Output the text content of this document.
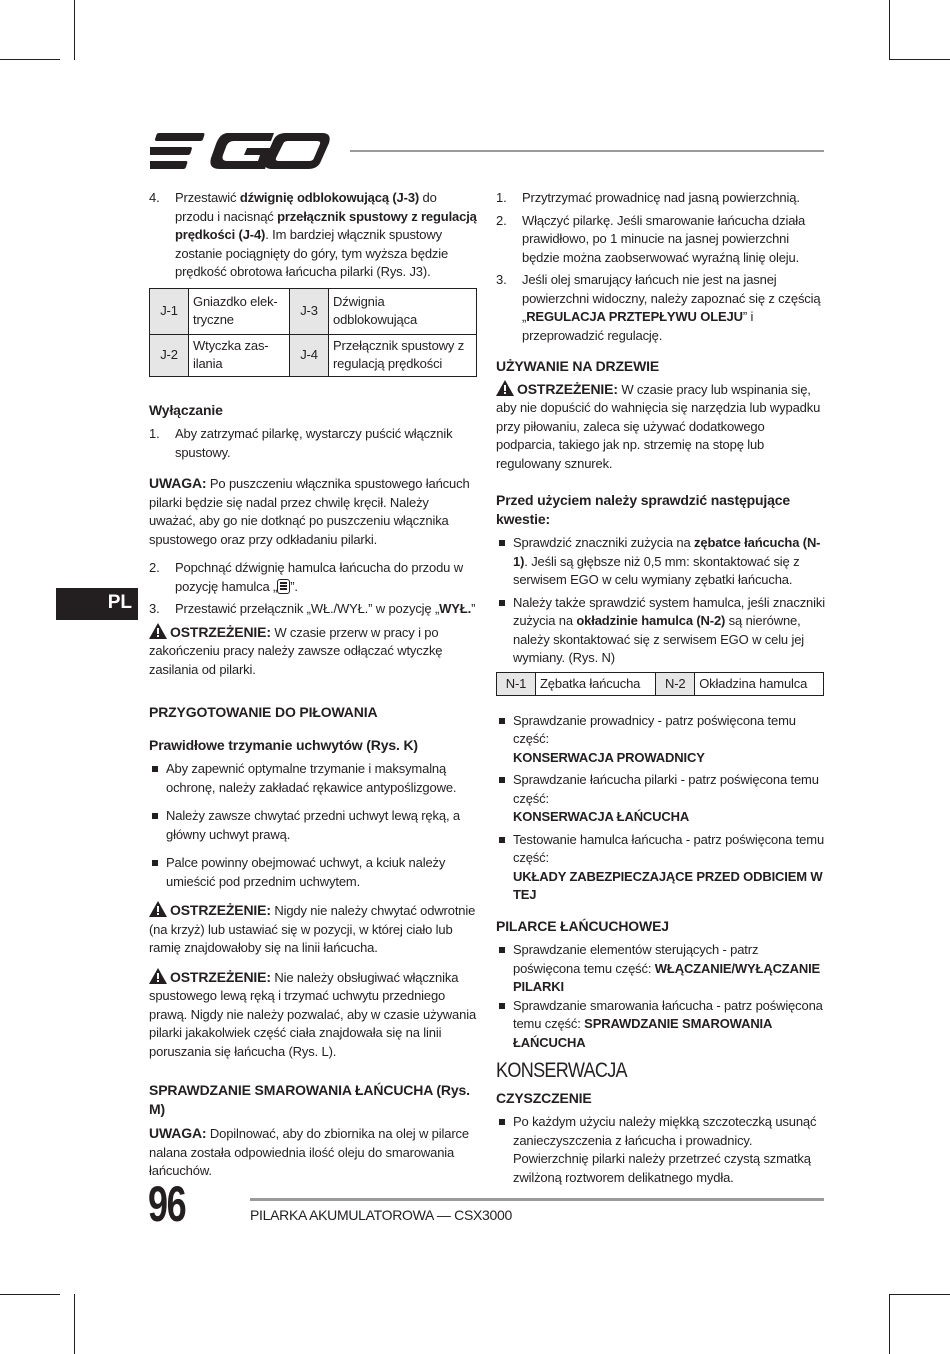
PL
4.	Przestawić dźwignię odblokowującą (J-3) do przodu i nacisnąć przełącznik spustowy z regulacją prędkości (J-4). Im bardziej włącznik spustowy zostanie pociągnięty do góry, tym wyższa będzie prędkość obrotowa łańcucha pilarki (Rys. J3).
J-1	Gniazdko elek-tryczne	J-3	Dźwignia odblokowująca
J-2	Wtyczka zas-ilania	J-4	Przełącznik spustowy z regulacją prędkości
Wyłączanie
1.	Aby zatrzymać pilarkę, wystarczy puścić włącznik spustowy.

UWAGA: Po puszczeniu włącznika spustowego łańcuch pilarki będzie się nadal przez chwilę kręcił. Należy uważać, aby go nie dotknąć po puszczeniu włącznika spustowego oraz przy odkładaniu pilarki.

2.	Popchnąć dźwignię hamulca łańcucha do przodu w pozycję hamulca „ ”.
3.	Przestawić przełącznik „WŁ./WYŁ.” w pozycję „WYŁ.”

OSTRZEŻENIE: W czasie przerw w pracy i po zakończeniu pracy należy zawsze odłączać wtyczkę zasilania od pilarki.

PRZYGOTOWANIE DO PIŁOWANIA
Prawidłowe trzymanie uchwytów (Rys. K)
Aby zapewnić optymalne trzymanie i maksymalną ochronę, należy zakładać rękawice antypoślizgowe.
Należy zawsze chwytać przedni uchwyt lewą ręką, a główny uchwyt prawą.
Palce powinny obejmować uchwyt, a kciuk należy umieścić pod przednim uchwytem.

OSTRZEŻENIE: Nigdy nie należy chwytać odwrotnie (na krzyż) lub ustawiać się w pozycji, w której ciało lub ramię znajdowałoby się na linii łańcucha.

OSTRZEŻENIE: Nie należy obsługiwać włącznika spustowego lewą ręką i trzymać uchwytu przedniego prawą. Nigdy nie należy pozwalać, aby w czasie używania pilarki jakakolwiek część ciała znajdowała się na linii poruszania się łańcucha (Rys. L).

SPRAWDZANIE SMAROWANIA ŁAŃCUCHA (Rys. M)

UWAGA: Dopilnować, aby do zbiornika na olej w pilarce nalana została odpowiednia ilość oleju do smarowania łańcuchów.

1.	Przytrzymać prowadnicę nad jasną powierzchnią.
2.	Włączyć pilarkę. Jeśli smarowanie łańcucha działa prawidłowo, po 1 minucie na jasnej powierzchni będzie można zaobserwować wyraźną linię oleju.
3.	Jeśli olej smarujący łańcuch nie jest na jasnej powierzchni widoczny, należy zapoznać się z częścią „REGULACJA PRZTEPŁYWU OLEJU” i przeprowadzić regulację.
UŻYWANIE NA DRZEWIE

OSTRZEŻENIE: W czasie pracy lub wspinania się, aby nie dopuścić do wahnięcia się narzędzia lub wypadku przy piłowaniu, zaleca się używać dodatkowego podparcia, takiego jak np. strzemię na stopę lub regulowany sznurek.

Przed użyciem należy sprawdzić następujące kwestie:
Sprawdzić znaczniki zużycia na zębatce łańcucha (N-1). Jeśli są głębsze niż 0,5 mm: skontaktować się z serwisem EGO w celu wymiany zębatki łańcucha.
Należy także sprawdzić system hamulca, jeśli znaczniki zużycia na okładzinie hamulca (N-2) są nierówne, należy skontaktować się z serwisem EGO w celu jej wymiany. (Rys. N)
N-1	Zębatka łańcucha	N-2	Okładzina hamulca
Sprawdzanie prowadnicy - patrz poświęcona temu część:
KONSERWACJA PROWADNICY
Sprawdzanie łańcucha pilarki - patrz poświęcona temu część:
KONSERWACJA ŁAŃCUCHA
Testowanie hamulca łańcucha - patrz poświęcona temu część:
UKŁADY ZABEZPIECZAJĄCE PRZED ODBICIEM W TEJ
PILARCE ŁAŃCUCHOWEJ
Sprawdzanie elementów sterujących - patrz poświęcona temu część: WŁĄCZANIE/WYŁĄCZANIE PILARKI
Sprawdzanie smarowania łańcucha - patrz poświęcona temu część: SPRAWDZANIE SMAROWANIA ŁAŃCUCHA
KONSERWACJA
CZYSZCZENIE
Po każdym użyciu należy miękką szczoteczką usunąć zanieczyszczenia z łańcucha i prowadnicy. Powierzchnię pilarki należy przetrzeć czystą szmatką zwilżoną roztworem delikatnego mydła.
96	PILARKA AKUMULATOROWA — CSX3000
